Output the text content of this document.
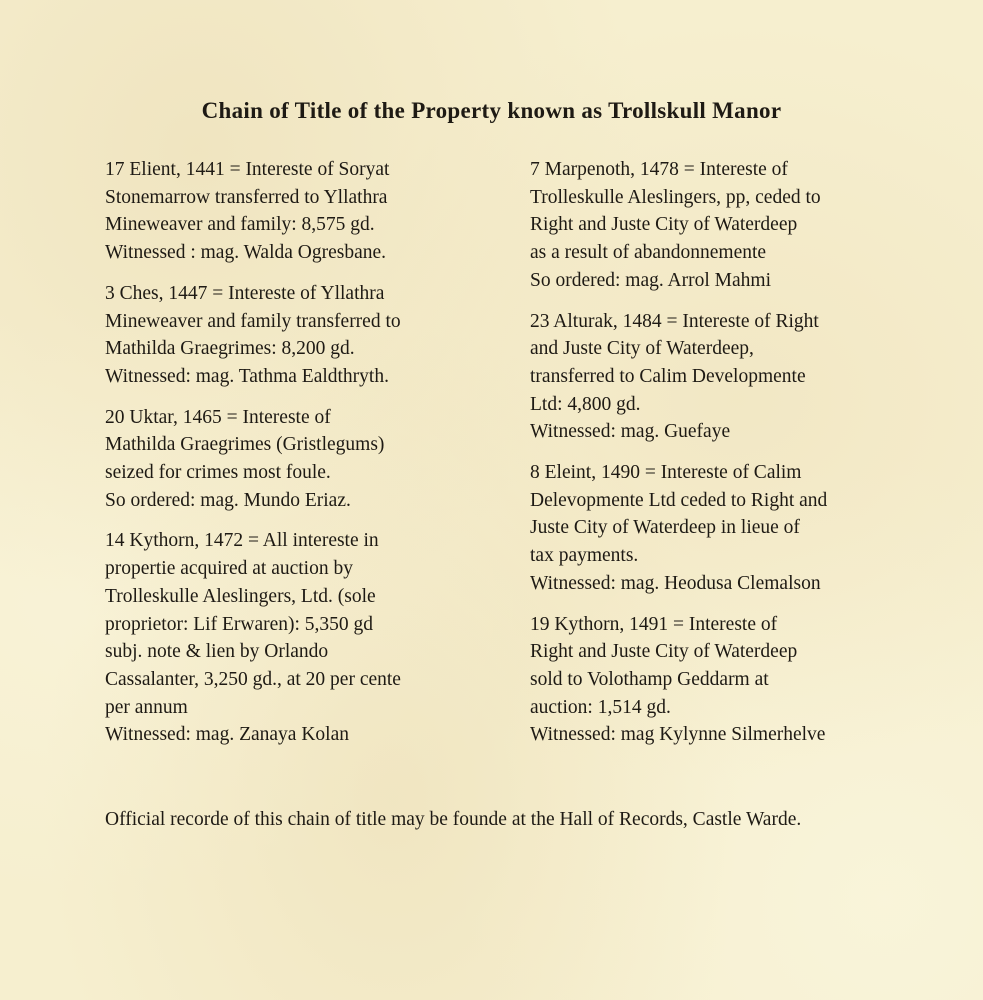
Chain of Title of the Property known as Trollskull Manor
17 Elient, 1441 = Intereste of Soryat
Stonemarrow transferred to Yllathra
Mineweaver and family: 8,575 gd.
Witnessed : mag. Walda Ogresbane.
3 Ches, 1447 = Intereste of Yllathra
Mineweaver and family transferred to
Mathilda Graegrimes: 8,200 gd.
Witnessed: mag. Tathma Ealdthryth.
20 Uktar, 1465 = Intereste of
Mathilda Graegrimes (Gristlegums)
seized for crimes most foule.
So ordered: mag. Mundo Eriaz.
14 Kythorn, 1472 = All intereste in
propertie acquired at auction by
Trolleskulle Aleslingers, Ltd. (sole
proprietor: Lif Erwaren): 5,350 gd
subj. note & lien by Orlando
Cassalanter, 3,250 gd., at 20 per cente
per annum
Witnessed: mag. Zanaya Kolan
7 Marpenoth, 1478 = Intereste of
Trolleskulle Aleslingers, pp, ceded to
Right and Juste City of Waterdeep
as a result of abandonnemente
So ordered: mag. Arrol Mahmi
23 Alturak, 1484 = Intereste of Right
and Juste City of Waterdeep,
transferred to Calim Developmente
Ltd: 4,800 gd.
Witnessed: mag. Guefaye
8 Eleint, 1490 = Intereste of Calim
Delevopmente Ltd ceded to Right and
Juste City of Waterdeep in lieue of
tax payments.
Witnessed: mag. Heodusa Clemalson
19 Kythorn, 1491 = Intereste of
Right and Juste City of Waterdeep
sold to Volothamp Geddarm at
auction: 1,514 gd.
Witnessed: mag Kylynne Silmerhelve
Official recorde of this chain of title may be founde at the Hall of Records, Castle Warde.
